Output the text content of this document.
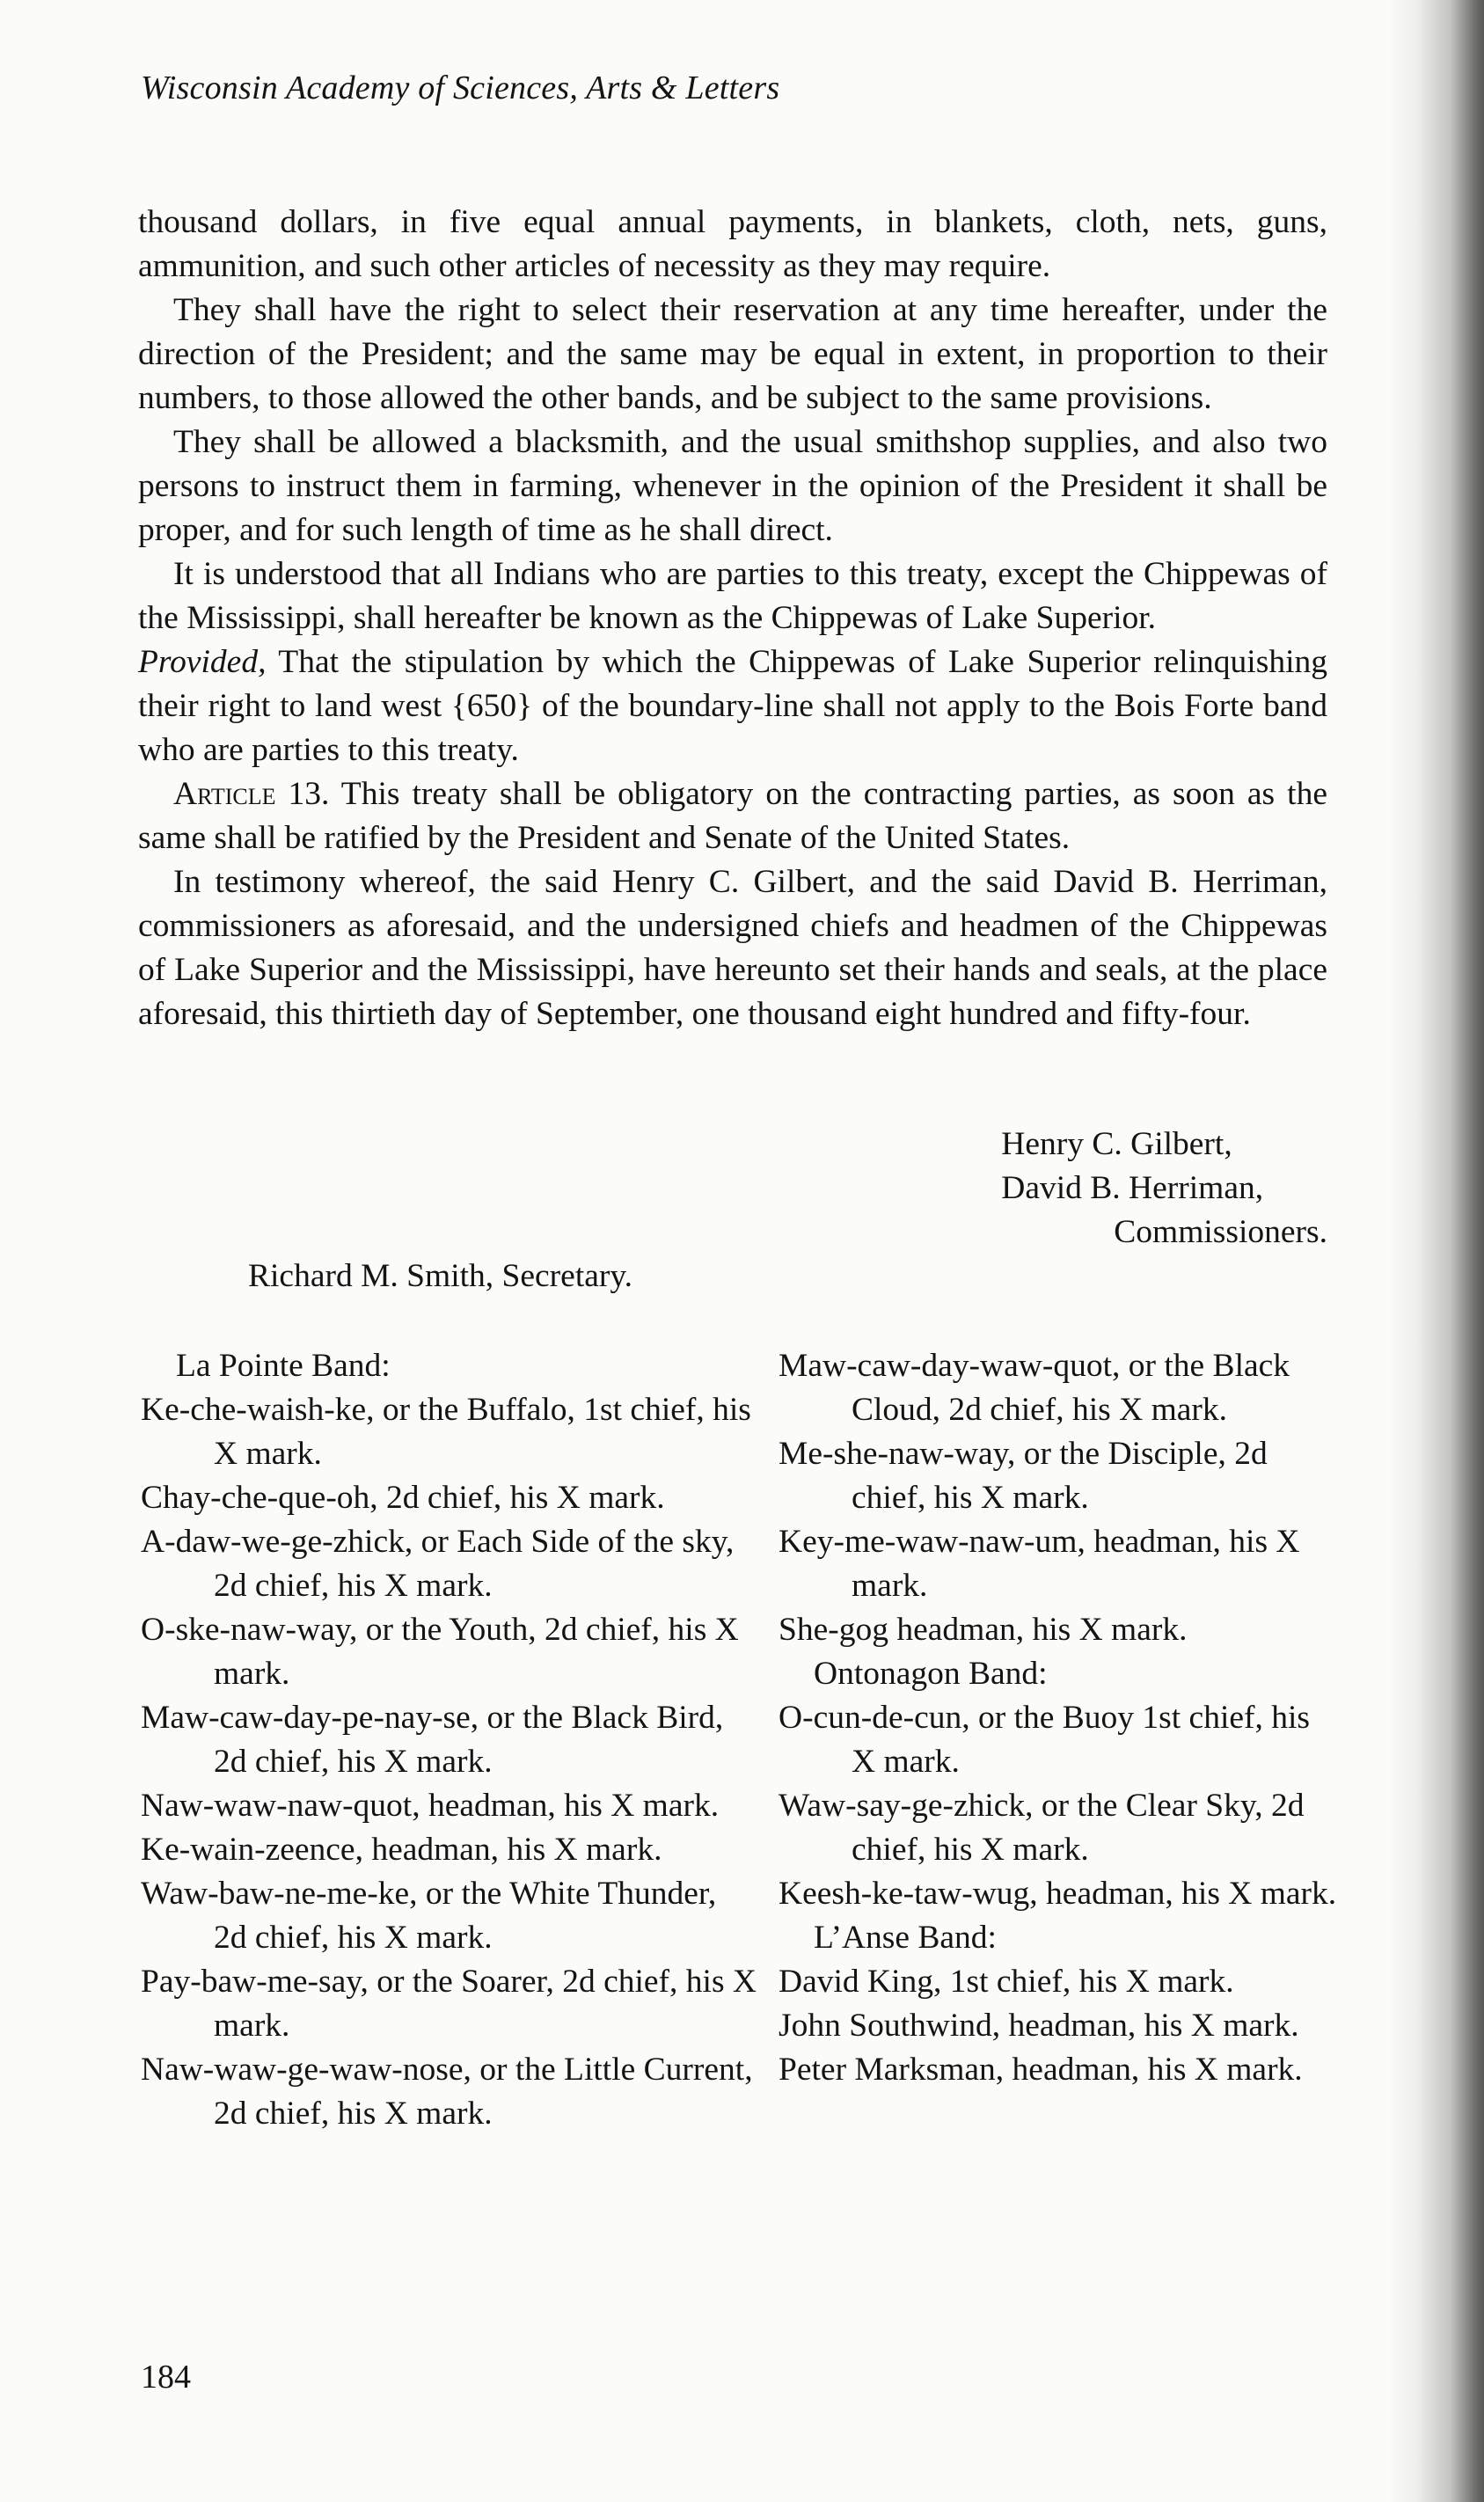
Wisconsin Academy of Sciences, Arts & Letters

thousand dollars, in five equal annual payments, in blankets, cloth, nets, guns, ammunition, and such other articles of necessity as they may require.

They shall have the right to select their reservation at any time hereafter, under the direction of the President; and the same may be equal in extent, in proportion to their numbers, to those allowed the other bands, and be subject to the same provisions.

They shall be allowed a blacksmith, and the usual smithshop supplies, and also two persons to instruct them in farming, whenever in the opinion of the President it shall be proper, and for such length of time as he shall direct.

It is understood that all Indians who are parties to this treaty, except the Chippewas of the Mississippi, shall hereafter be known as the Chippewas of Lake Superior.

Provided, That the stipulation by which the Chippewas of Lake Superior relinquishing their right to land west {650} of the boundary-line shall not apply to the Bois Forte band who are parties to this treaty.

Article 13. This treaty shall be obligatory on the contracting parties, as soon as the same shall be ratified by the President and Senate of the United States.

In testimony whereof, the said Henry C. Gilbert, and the said David B. Herriman, commissioners as aforesaid, and the undersigned chiefs and headmen of the Chippewas of Lake Superior and the Mississippi, have hereunto set their hands and seals, at the place aforesaid, this thirtieth day of September, one thousand eight hundred and fifty-four.

Henry C. Gilbert,
David B. Herriman,
Commissioners.
Richard M. Smith, Secretary.
La Pointe Band:
Ke-che-waish-ke, or the Buffalo, 1st chief, his X mark.
Chay-che-que-oh, 2d chief, his X mark.
A-daw-we-ge-zhick, or Each Side of the sky, 2d chief, his X mark.
O-ske-naw-way, or the Youth, 2d chief, his X mark.
Maw-caw-day-pe-nay-se, or the Black Bird, 2d chief, his X mark.
Naw-waw-naw-quot, headman, his X mark.
Ke-wain-zeence, headman, his X mark.
Waw-baw-ne-me-ke, or the White Thunder, 2d chief, his X mark.
Pay-baw-me-say, or the Soarer, 2d chief, his X mark.
Naw-waw-ge-waw-nose, or the Little Current, 2d chief, his X mark.
Maw-caw-day-waw-quot, or the Black Cloud, 2d chief, his X mark.
Me-she-naw-way, or the Disciple, 2d chief, his X mark.
Key-me-waw-naw-um, headman, his X mark.
She-gog headman, his X mark.
Ontonagon Band:
O-cun-de-cun, or the Buoy 1st chief, his X mark.
Waw-say-ge-zhick, or the Clear Sky, 2d chief, his X mark.
Keesh-ke-taw-wug, headman, his X mark.
L’Anse Band:
David King, 1st chief, his X mark.
John Southwind, headman, his X mark.
Peter Marksman, headman, his X mark.

184
